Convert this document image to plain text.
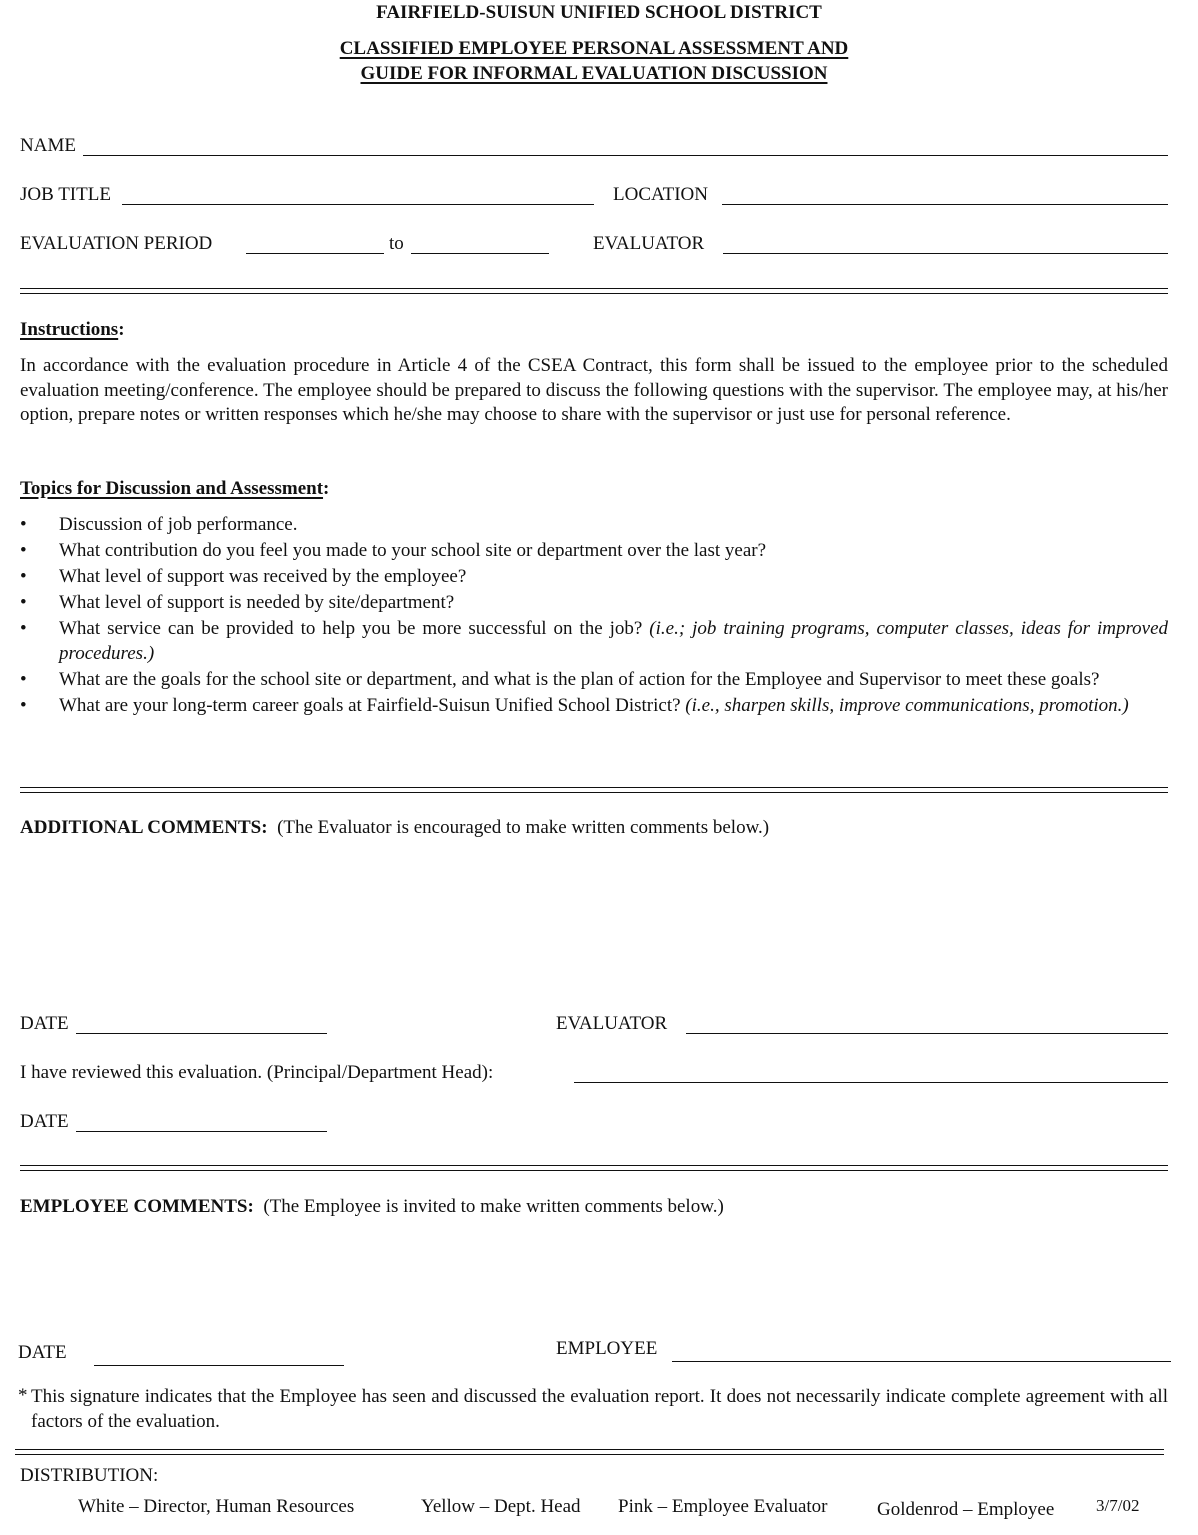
FAIRFIELD-SUISUN UNIFIED SCHOOL DISTRICT
CLASSIFIED EMPLOYEE PERSONAL ASSESSMENT AND
GUIDE FOR INFORMAL EVALUATION DISCUSSION
NAME
JOB TITLE	LOCATION
EVALUATION PERIOD	to	EVALUATOR
Instructions:
In accordance with the evaluation procedure in Article 4 of the CSEA Contract, this form shall be issued to the employee prior to the scheduled evaluation meeting/conference. The employee should be prepared to discuss the following questions with the supervisor. The employee may, at his/her option, prepare notes or written responses which he/she may choose to share with the supervisor or just use for personal reference.
Topics for Discussion and Assessment:
• Discussion of job performance.
• What contribution do you feel you made to your school site or department over the last year?
• What level of support was received by the employee?
• What level of support is needed by site/department?
• What service can be provided to help you be more successful on the job? (i.e.; job training programs, computer classes, ideas for improved procedures.)
• What are the goals for the school site or department, and what is the plan of action for the Employee and Supervisor to meet these goals?
• What are your long-term career goals at Fairfield-Suisun Unified School District? (i.e., sharpen skills, improve communications, promotion.)
ADDITIONAL COMMENTS: (The Evaluator is encouraged to make written comments below.)
DATE	EVALUATOR
I have reviewed this evaluation. (Principal/Department Head):
DATE
EMPLOYEE COMMENTS: (The Employee is invited to make written comments below.)
DATE	EMPLOYEE
* This signature indicates that the Employee has seen and discussed the evaluation report. It does not necessarily indicate complete agreement with all factors of the evaluation.
DISTRIBUTION:
White – Director, Human Resources	Yellow – Dept. Head Pink – Employee Evaluator	Goldenrod – Employee 3/7/02
